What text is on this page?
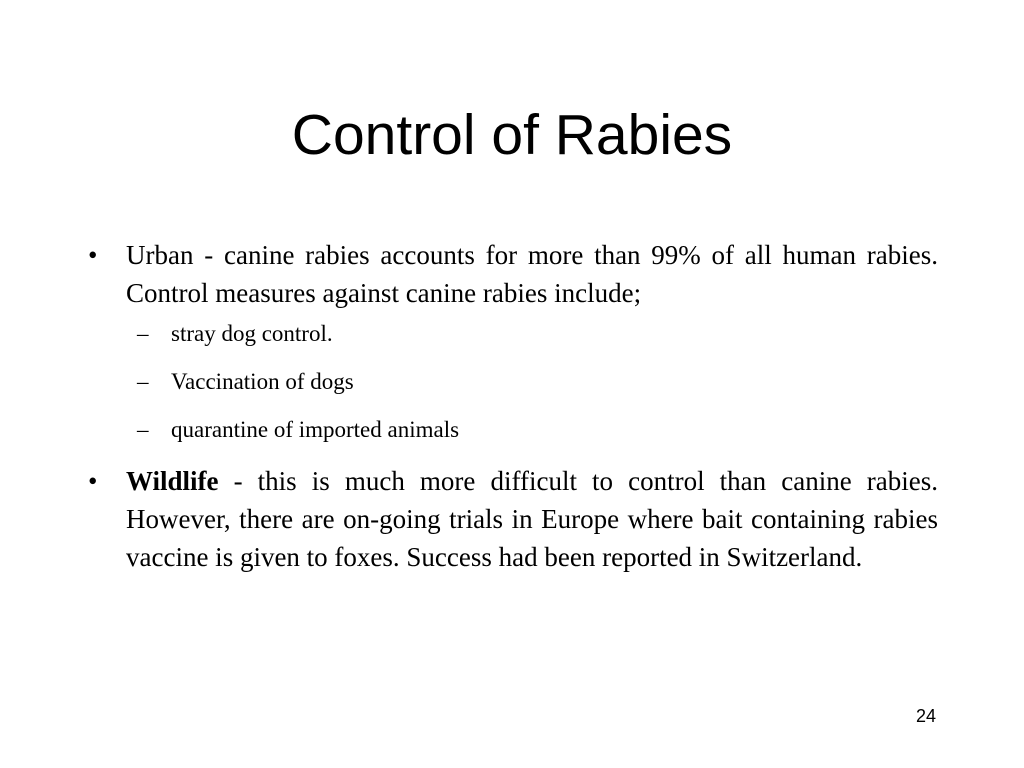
Control of Rabies
• Urban - canine rabies accounts for more than 99% of all human rabies. Control measures against canine rabies include;
– stray dog control.
– Vaccination of dogs
– quarantine of imported animals
• Wildlife - this is much more difficult to control than canine rabies. However, there are on-going trials in Europe where bait containing rabies vaccine is given to foxes. Success had been reported in Switzerland.
24
